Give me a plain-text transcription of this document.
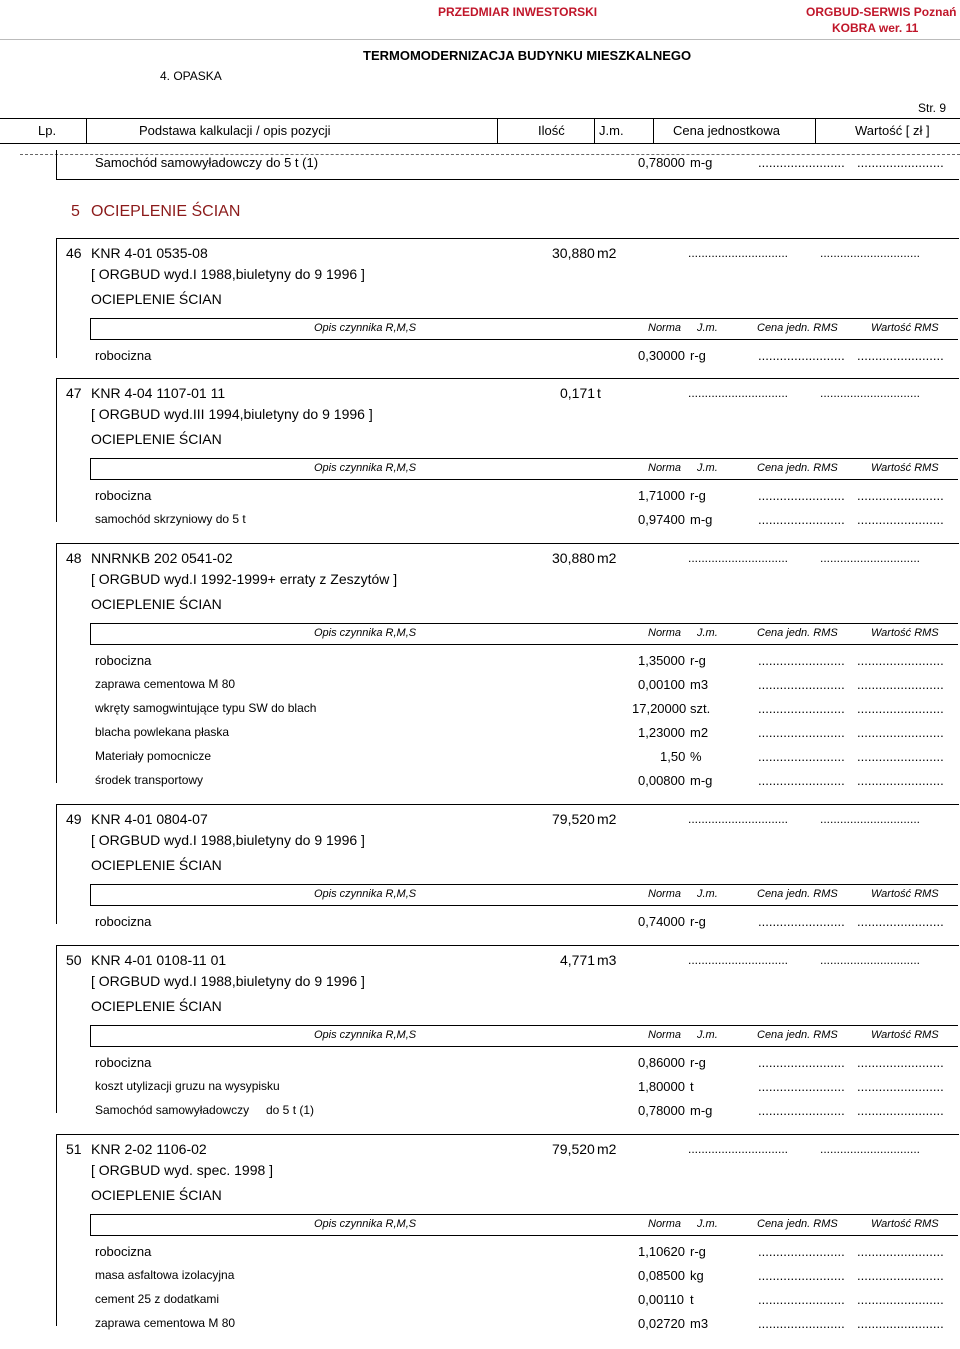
PRZEDMIAR INWESTORSKI	ORGBUD-SERWIS Poznań
KOBRA wer. 11
TERMOMODERNIZACJA BUDYNKU MIESZKALNEGO
4. OPASKA
Str. 9
Lp.	Podstawa kalkulacji / opis pozycji	Ilość	J.m.	Cena jednostkowa	Wartość [ zł ]
Samochód samowyładowczy do 5 t (1)	0,78000 m-g	........................ ........................
5 OCIEPLENIE ŚCIAN
46 KNR 4-01 0535-08
[ ORGBUD wyd.I 1988,biuletyny do 9 1996 ]
OCIEPLENIE ŚCIAN
30,880 m2	..............................	..............................
Opis czynnika R,M,S	Norma J.m.	Cena jedn. RMS	Wartość RMS
robocizna	0,30000 r-g	........................ ........................
47 KNR 4-04 1107-01 11
[ ORGBUD wyd.III 1994,biuletyny do 9 1996 ]
OCIEPLENIE ŚCIAN
0,171 t	..............................	..............................
Opis czynnika R,M,S	Norma J.m.	Cena jedn. RMS	Wartość RMS
robocizna	1,71000 r-g	........................ ........................
samochód skrzyniowy do 5 t	0,97400 m-g	........................ ........................
48 NNRNKB 202 0541-02
[ ORGBUD wyd.I 1992-1999+ erraty z Zeszytów ]
OCIEPLENIE ŚCIAN
30,880 m2	..............................	..............................
Opis czynnika R,M,S	Norma J.m.	Cena jedn. RMS	Wartość RMS
robocizna	1,35000 r-g	........................ ........................
zaprawa cementowa M 80	0,00100 m3	........................ ........................
wkręty samogwintujące typu SW do blach	17,20000 szt.	........................ ........................
blacha powlekana płaska	1,23000 m2	........................ ........................
Materiały pomocnicze	1,50 %	........................ ........................
środek transportowy	0,00800 m-g	........................ ........................
49 KNR 4-01 0804-07
[ ORGBUD wyd.I 1988,biuletyny do 9 1996 ]
OCIEPLENIE ŚCIAN
79,520 m2	..............................	..............................
Opis czynnika R,M,S	Norma J.m.	Cena jedn. RMS	Wartość RMS
robocizna	0,74000 r-g	........................ ........................
50 KNR 4-01 0108-11 01
[ ORGBUD wyd.I 1988,biuletyny do 9 1996 ]
OCIEPLENIE ŚCIAN
4,771 m3	..............................	..............................
Opis czynnika R,M,S	Norma J.m.	Cena jedn. RMS	Wartość RMS
robocizna	0,86000 r-g	........................ ........................
koszt utylizacji gruzu na wysypisku	1,80000 t	........................ ........................
Samochód samowyładowczy do 5 t (1)	0,78000 m-g	........................ ........................
51 KNR 2-02 1106-02
[ ORGBUD wyd. spec. 1998 ]
OCIEPLENIE ŚCIAN
79,520 m2	..............................	..............................
Opis czynnika R,M,S	Norma J.m.	Cena jedn. RMS	Wartość RMS
robocizna	1,10620 r-g	........................ ........................
masa asfaltowa izolacyjna	0,08500 kg	........................ ........................
cement 25 z dodatkami	0,00110 t	........................ ........................
zaprawa cementowa M 80	0,02720 m3	........................ ........................
